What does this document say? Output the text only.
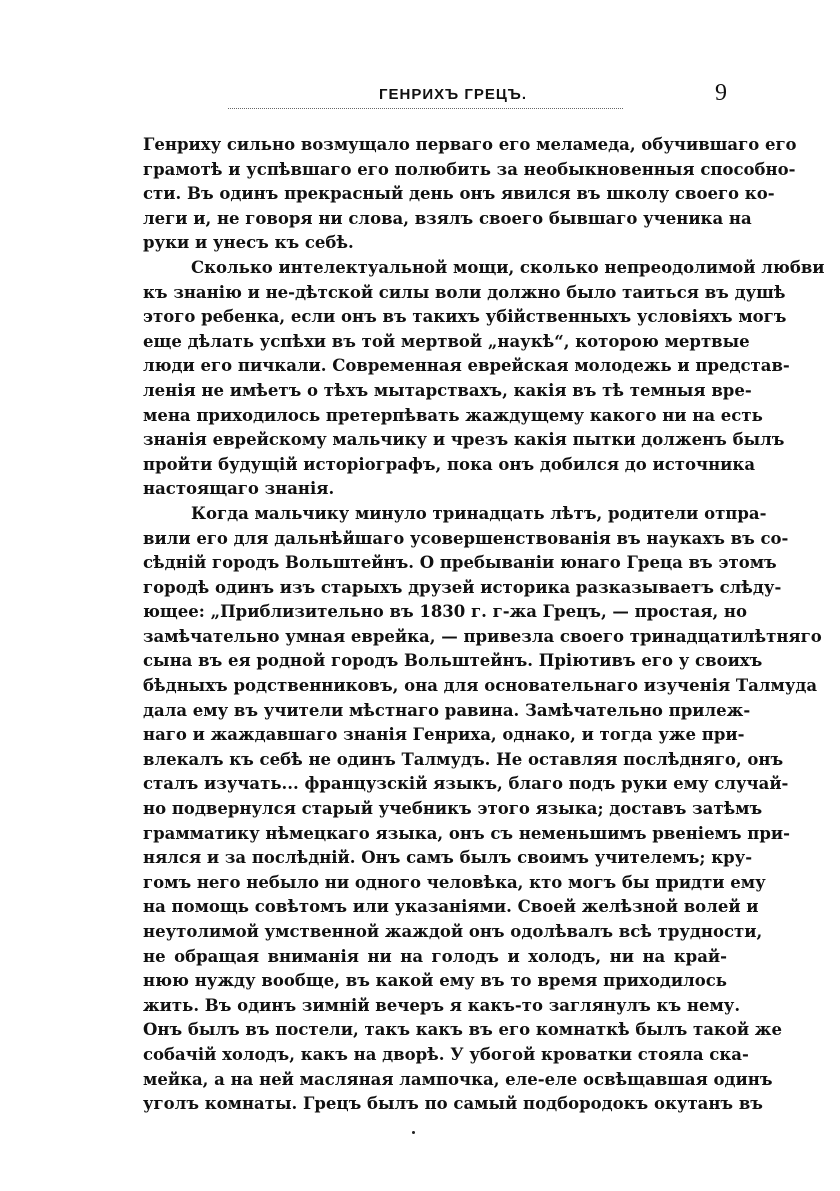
ГЕНРИХЪ ГРЕЦЪ.	9
Генриху сильно возмущало перваго его меламеда, обучившаго его
грамотѣ и успѣвшаго его полюбить за необыкновенныя способно-
сти. Въ одинъ прекрасный день онъ явился въ школу своего ко-
леги и, не говоря ни слова, взялъ своего бывшаго ученика на
руки и унесъ къ себѣ.
Сколько интелектуальной мощи, сколько непреодолимой любви
къ знанію и не-дѣтской силы воли должно было таиться въ душѣ
этого ребенка, если онъ въ такихъ убійственныхъ условіяхъ могъ
еще дѣлать успѣхи въ той мертвой „наукѣ“, которою мертвые
люди его пичкали. Современная еврейская молодежь и представ-
ленія не имѣетъ о тѣхъ мытарствахъ, какія въ тѣ темныя вре-
мена приходилось претерпѣвать жаждущему какого ни на есть
знанія еврейскому мальчику и чрезъ какія пытки долженъ былъ
пройти будущій исторіографъ, пока онъ добился до источника
настоящаго знанія.
Когда мальчику минуло тринадцать лѣтъ, родители отпра-
вили его для дальнѣйшаго усовершенствованія въ наукахъ въ со-
сѣдній городъ Вольштейнъ. О пребываніи юнаго Греца въ этомъ
городѣ одинъ изъ старыхъ друзей историка разказываетъ слѣду-
ющее: „Приблизительно въ 1830 г. г-жа Грецъ, — простая, но
замѣчательно умная еврейка, — привезла своего тринадцатилѣтняго
сына въ ея родной городъ Вольштейнъ. Пріютивъ его у своихъ
бѣдныхъ родственниковъ, она для основательнаго изученія Талмуда
дала ему въ учители мѣстнаго равина. Замѣчательно прилеж-
наго и жаждавшаго знанія Генриха, однако, и тогда уже при-
влекалъ къ себѣ не одинъ Талмудъ. Не оставляя послѣдняго, онъ
сталъ изучать... французскій языкъ, благо подъ руки ему случай-
но подвернулся старый учебникъ этого языка; доставъ затѣмъ
грамматику нѣмецкаго языка, онъ съ неменьшимъ рвеніемъ при-
нялся и за послѣдній. Онъ самъ былъ своимъ учителемъ; кру-
гомъ него небыло ни одного человѣка, кто могъ бы придти ему
на помощь совѣтомъ или указаніями. Своей желѣзной волей и
неутолимой умственной жаждой онъ одолѣвалъ всѣ трудности,
не обращая вниманія ни на голодъ и холодъ, ни на край-
нюю нужду вообще, въ какой ему въ то время приходилось
жить. Въ одинъ зимній вечеръ я какъ-то заглянулъ къ нему.
Онъ былъ въ постели, такъ какъ въ его комнаткѣ былъ такой же
собачій холодъ, какъ на дворѣ. У убогой кроватки стояла ска-
мейка, а на ней масляная лампочка, еле-еле освѣщавшая одинъ
уголъ комнаты. Грецъ былъ по самый подбородокъ окутанъ въ
